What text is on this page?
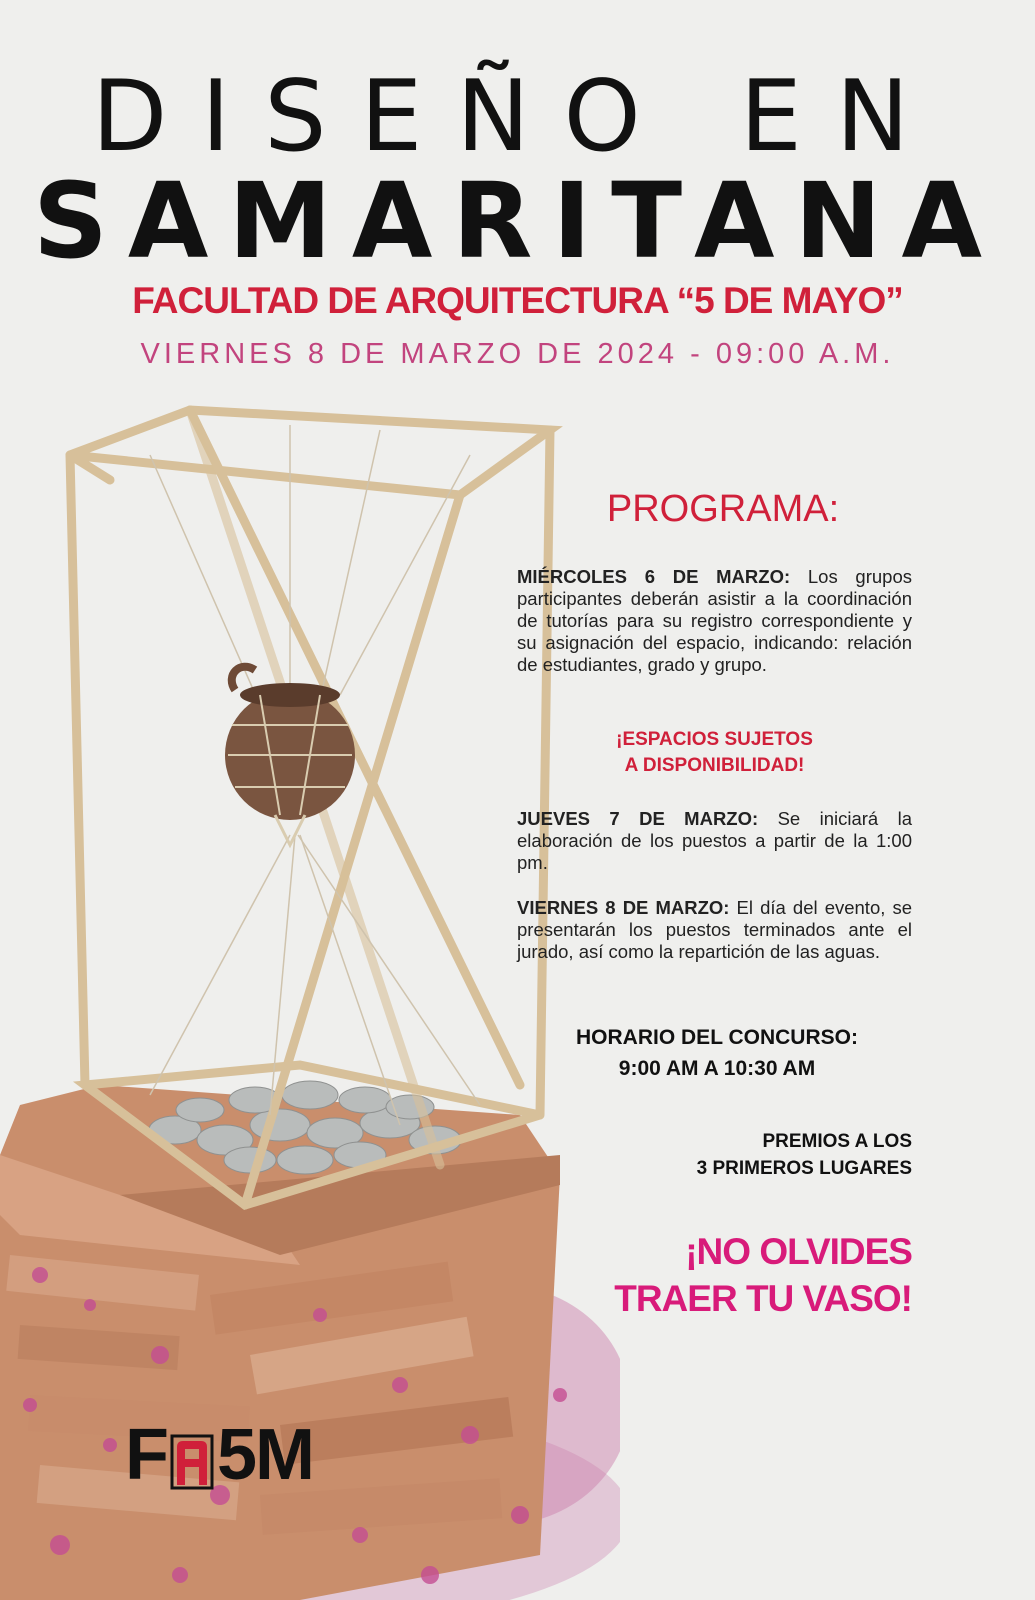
DISEÑO EN
SAMARITANA
FACULTAD DE ARQUITECTURA “5 DE MAYO”
VIERNES 8 DE MARZO DE 2024 - 09:00 A.M.
PROGRAMA:
MIÉRCOLES 6 DE MARZO: Los grupos participantes deberán asistir a la coordinación de tutorías para su registro correspondiente y su asignación del espacio, indicando: relación de estudiantes, grado y grupo.
¡ESPACIOS SUJETOS
A DISPONIBILIDAD!
JUEVES 7 DE MARZO: Se iniciará la elaboración de los puestos a partir de la 1:00 pm.
VIERNES 8 DE MARZO: El día del evento, se presentarán los puestos terminados ante el jurado, así como la repartición de las aguas.
HORARIO DEL CONCURSO:
9:00 AM A 10:30 AM
PREMIOS A LOS
3 PRIMEROS LUGARES
¡NO OLVIDES
TRAER TU VASO!
F 5M
